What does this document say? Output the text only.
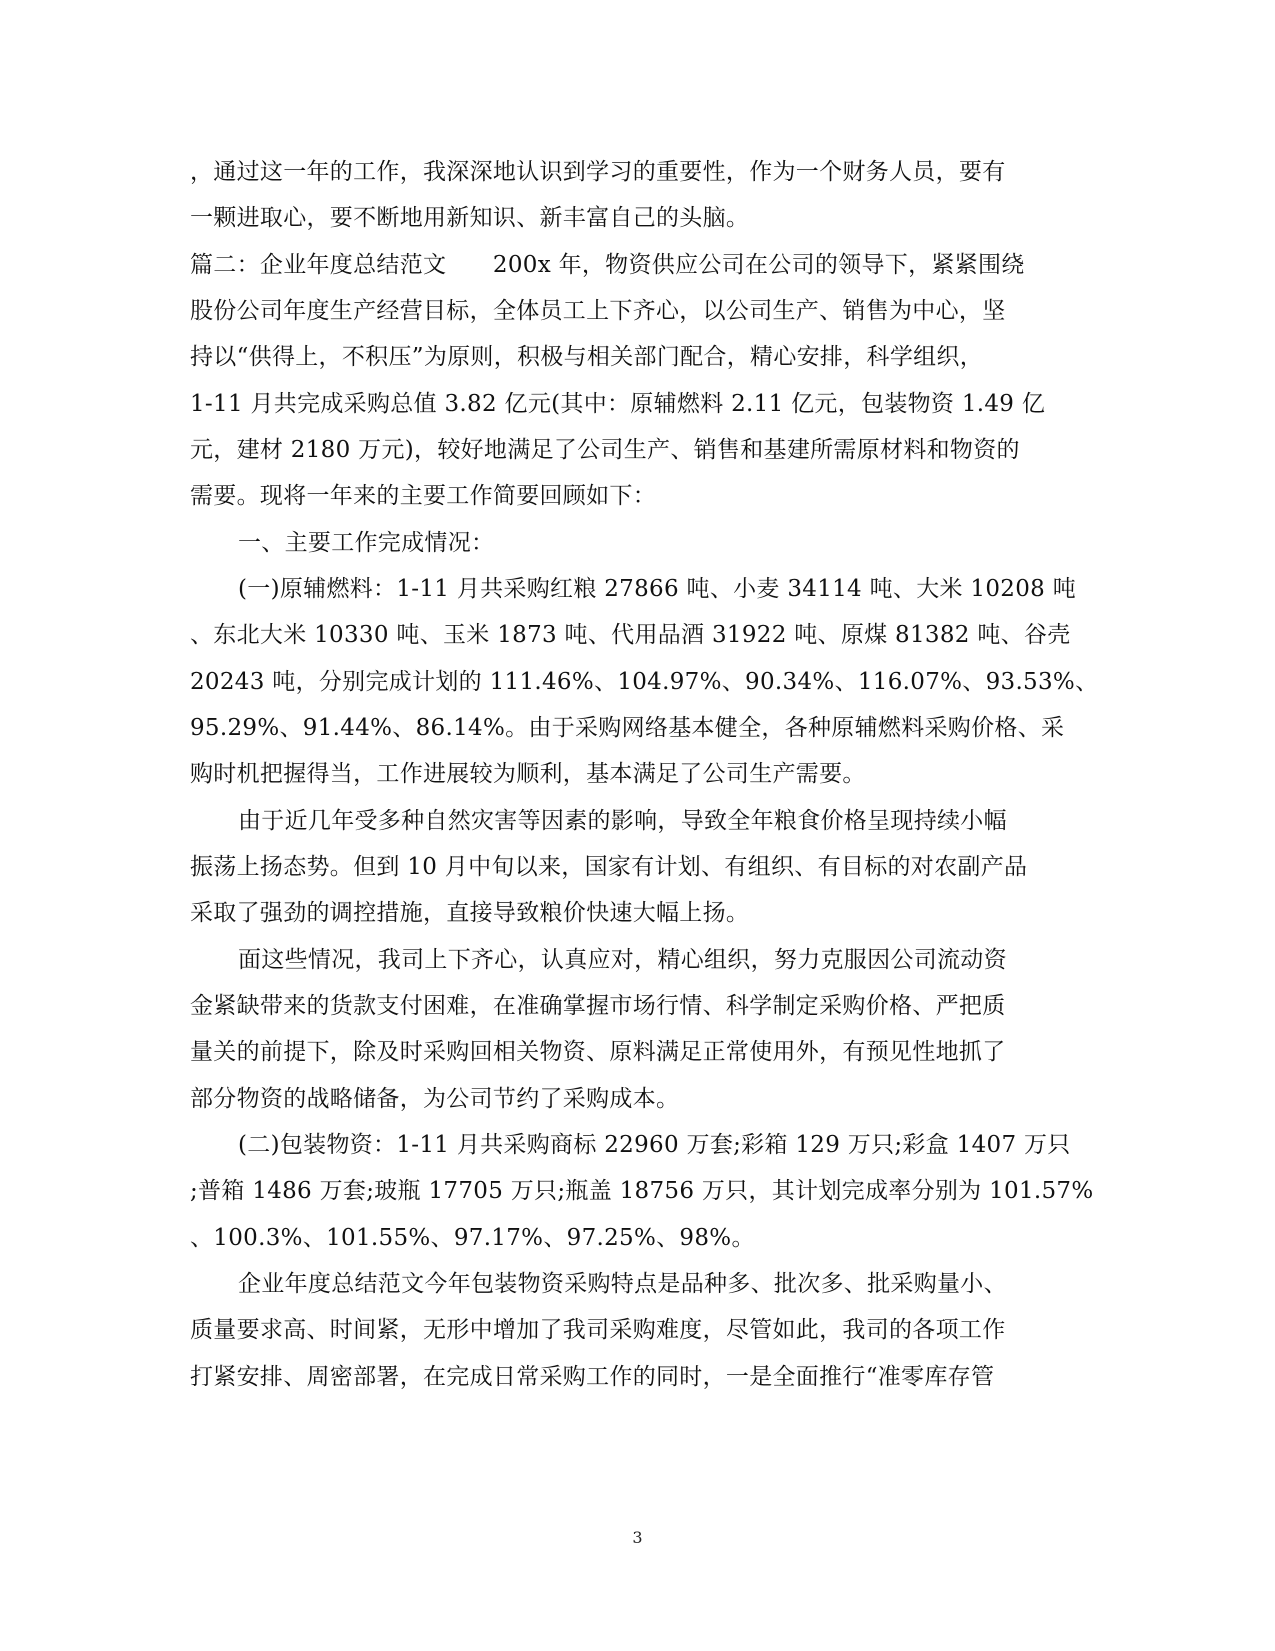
，通过这一年的工作，我深深地认识到学习的重要性，作为一个财务人员，要有
一颗进取心，要不断地用新知识、新丰富自己的头脑。
篇二：企业年度总结范文　　200x 年，物资供应公司在公司的领导下，紧紧围绕
股份公司年度生产经营目标，全体员工上下齐心，以公司生产、销售为中心，坚
持以“供得上，不积压”为原则，积极与相关部门配合，精心安排，科学组织，
1-11 月共完成采购总值 3.82 亿元(其中：原辅燃料 2.11 亿元，包装物资 1.49 亿
元，建材 2180 万元)，较好地满足了公司生产、销售和基建所需原材料和物资的
需要。现将一年来的主要工作简要回顾如下：
一、主要工作完成情况：
(一)原辅燃料：1-11 月共采购红粮 27866 吨、小麦 34114 吨、大米 10208 吨
、东北大米 10330 吨、玉米 1873 吨、代用品酒 31922 吨、原煤 81382 吨、谷壳
20243 吨，分别完成计划的 111.46%、104.97%、90.34%、116.07%、93.53%、
95.29%、91.44%、86.14%。由于采购网络基本健全，各种原辅燃料采购价格、采
购时机把握得当，工作进展较为顺利，基本满足了公司生产需要。
由于近几年受多种自然灾害等因素的影响，导致全年粮食价格呈现持续小幅
振荡上扬态势。但到 10 月中旬以来，国家有计划、有组织、有目标的对农副产品
采取了强劲的调控措施，直接导致粮价快速大幅上扬。
面这些情况，我司上下齐心，认真应对，精心组织，努力克服因公司流动资
金紧缺带来的货款支付困难，在准确掌握市场行情、科学制定采购价格、严把质
量关的前提下，除及时采购回相关物资、原料满足正常使用外，有预见性地抓了
部分物资的战略储备，为公司节约了采购成本。
(二)包装物资：1-11 月共采购商标 22960 万套;彩箱 129 万只;彩盒 1407 万只
;普箱 1486 万套;玻瓶 17705 万只;瓶盖 18756 万只，其计划完成率分别为 101.57%
、100.3%、101.55%、97.17%、97.25%、98%。
企业年度总结范文今年包装物资采购特点是品种多、批次多、批采购量小、
质量要求高、时间紧，无形中增加了我司采购难度，尽管如此，我司的各项工作
打紧安排、周密部署，在完成日常采购工作的同时，一是全面推行“准零库存管
3
